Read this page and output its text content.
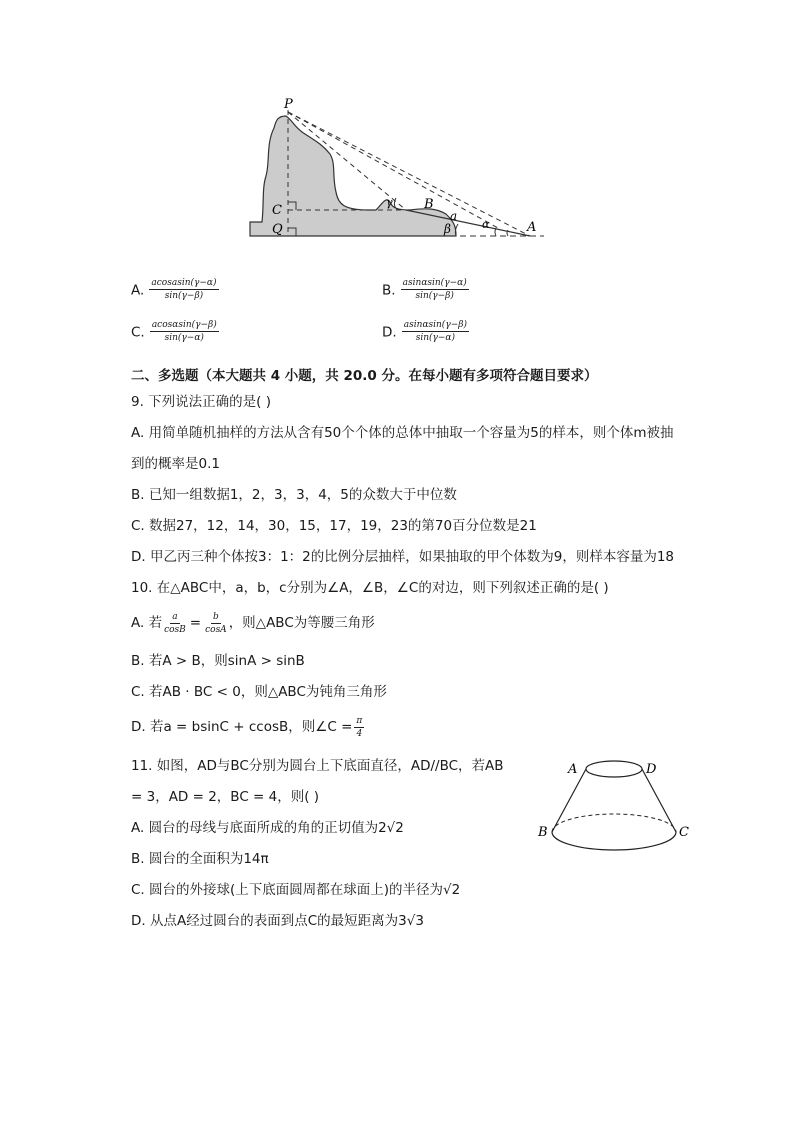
P
C
Q
γ B
a
β	α	A
A. $\frac{\text{acosasin(γ−α)}}{\sin(\gamma-\beta)}$	B. $\frac{asin\alpha\sin(\gamma-\alpha)}{\sin(\gamma-\beta)}$
C. $\frac{acos\alpha\sin(\gamma-\beta)}{\sin(\gamma-\alpha)}$	D. $\frac{asin\alpha\sin(\gamma-\beta)}{\sin(\gamma-\alpha)}$
二、多选题（本大题共 4 小题，共 20.0 分。在每小题有多项符合题目要求）
9. 下列说法正确的是( )
A. 用简单随机抽样的方法从含有50个个体的总体中抽取一个容量为5的样本，则个体m被抽
到的概率是0.1
B. 已知一组数据1，2，3，3，4，5的众数大于中位数
C. 数据27，12，14，30，15，17，19，23的第70百分位数是21
D. 甲乙丙三种个体按3：1：2的比例分层抽样，如果抽取的甲个体数为9，则样本容量为18
10. 在△ABC中，a，b，c分别为∠A，∠B，∠C的对边，则下列叙述正确的是( )
A. 若 $\frac{a}{\cos B} = \frac{b}{\cos A}$ ，则△ABC为等腰三角形
B. 若A > B，则sinA > sinB
C. 若AB · BC < 0，则△ABC为钝角三角形
D. 若a = bsinC + ccosB，则∠C = $\frac{\pi}{4}$
11. 如图，AD与BC分别为圆台上下底面直径，AD//BC，若AB
= 3，AD = 2，BC = 4，则( )
A. 圆台的母线与底面所成的角的正切值为2√2
B. 圆台的全面积为14π
C. 圆台的外接球(上下底面圆周都在球面上)的半径为√2
D. 从点A经过圆台的表面到点C的最短距离为3√3
A	D
B	C
